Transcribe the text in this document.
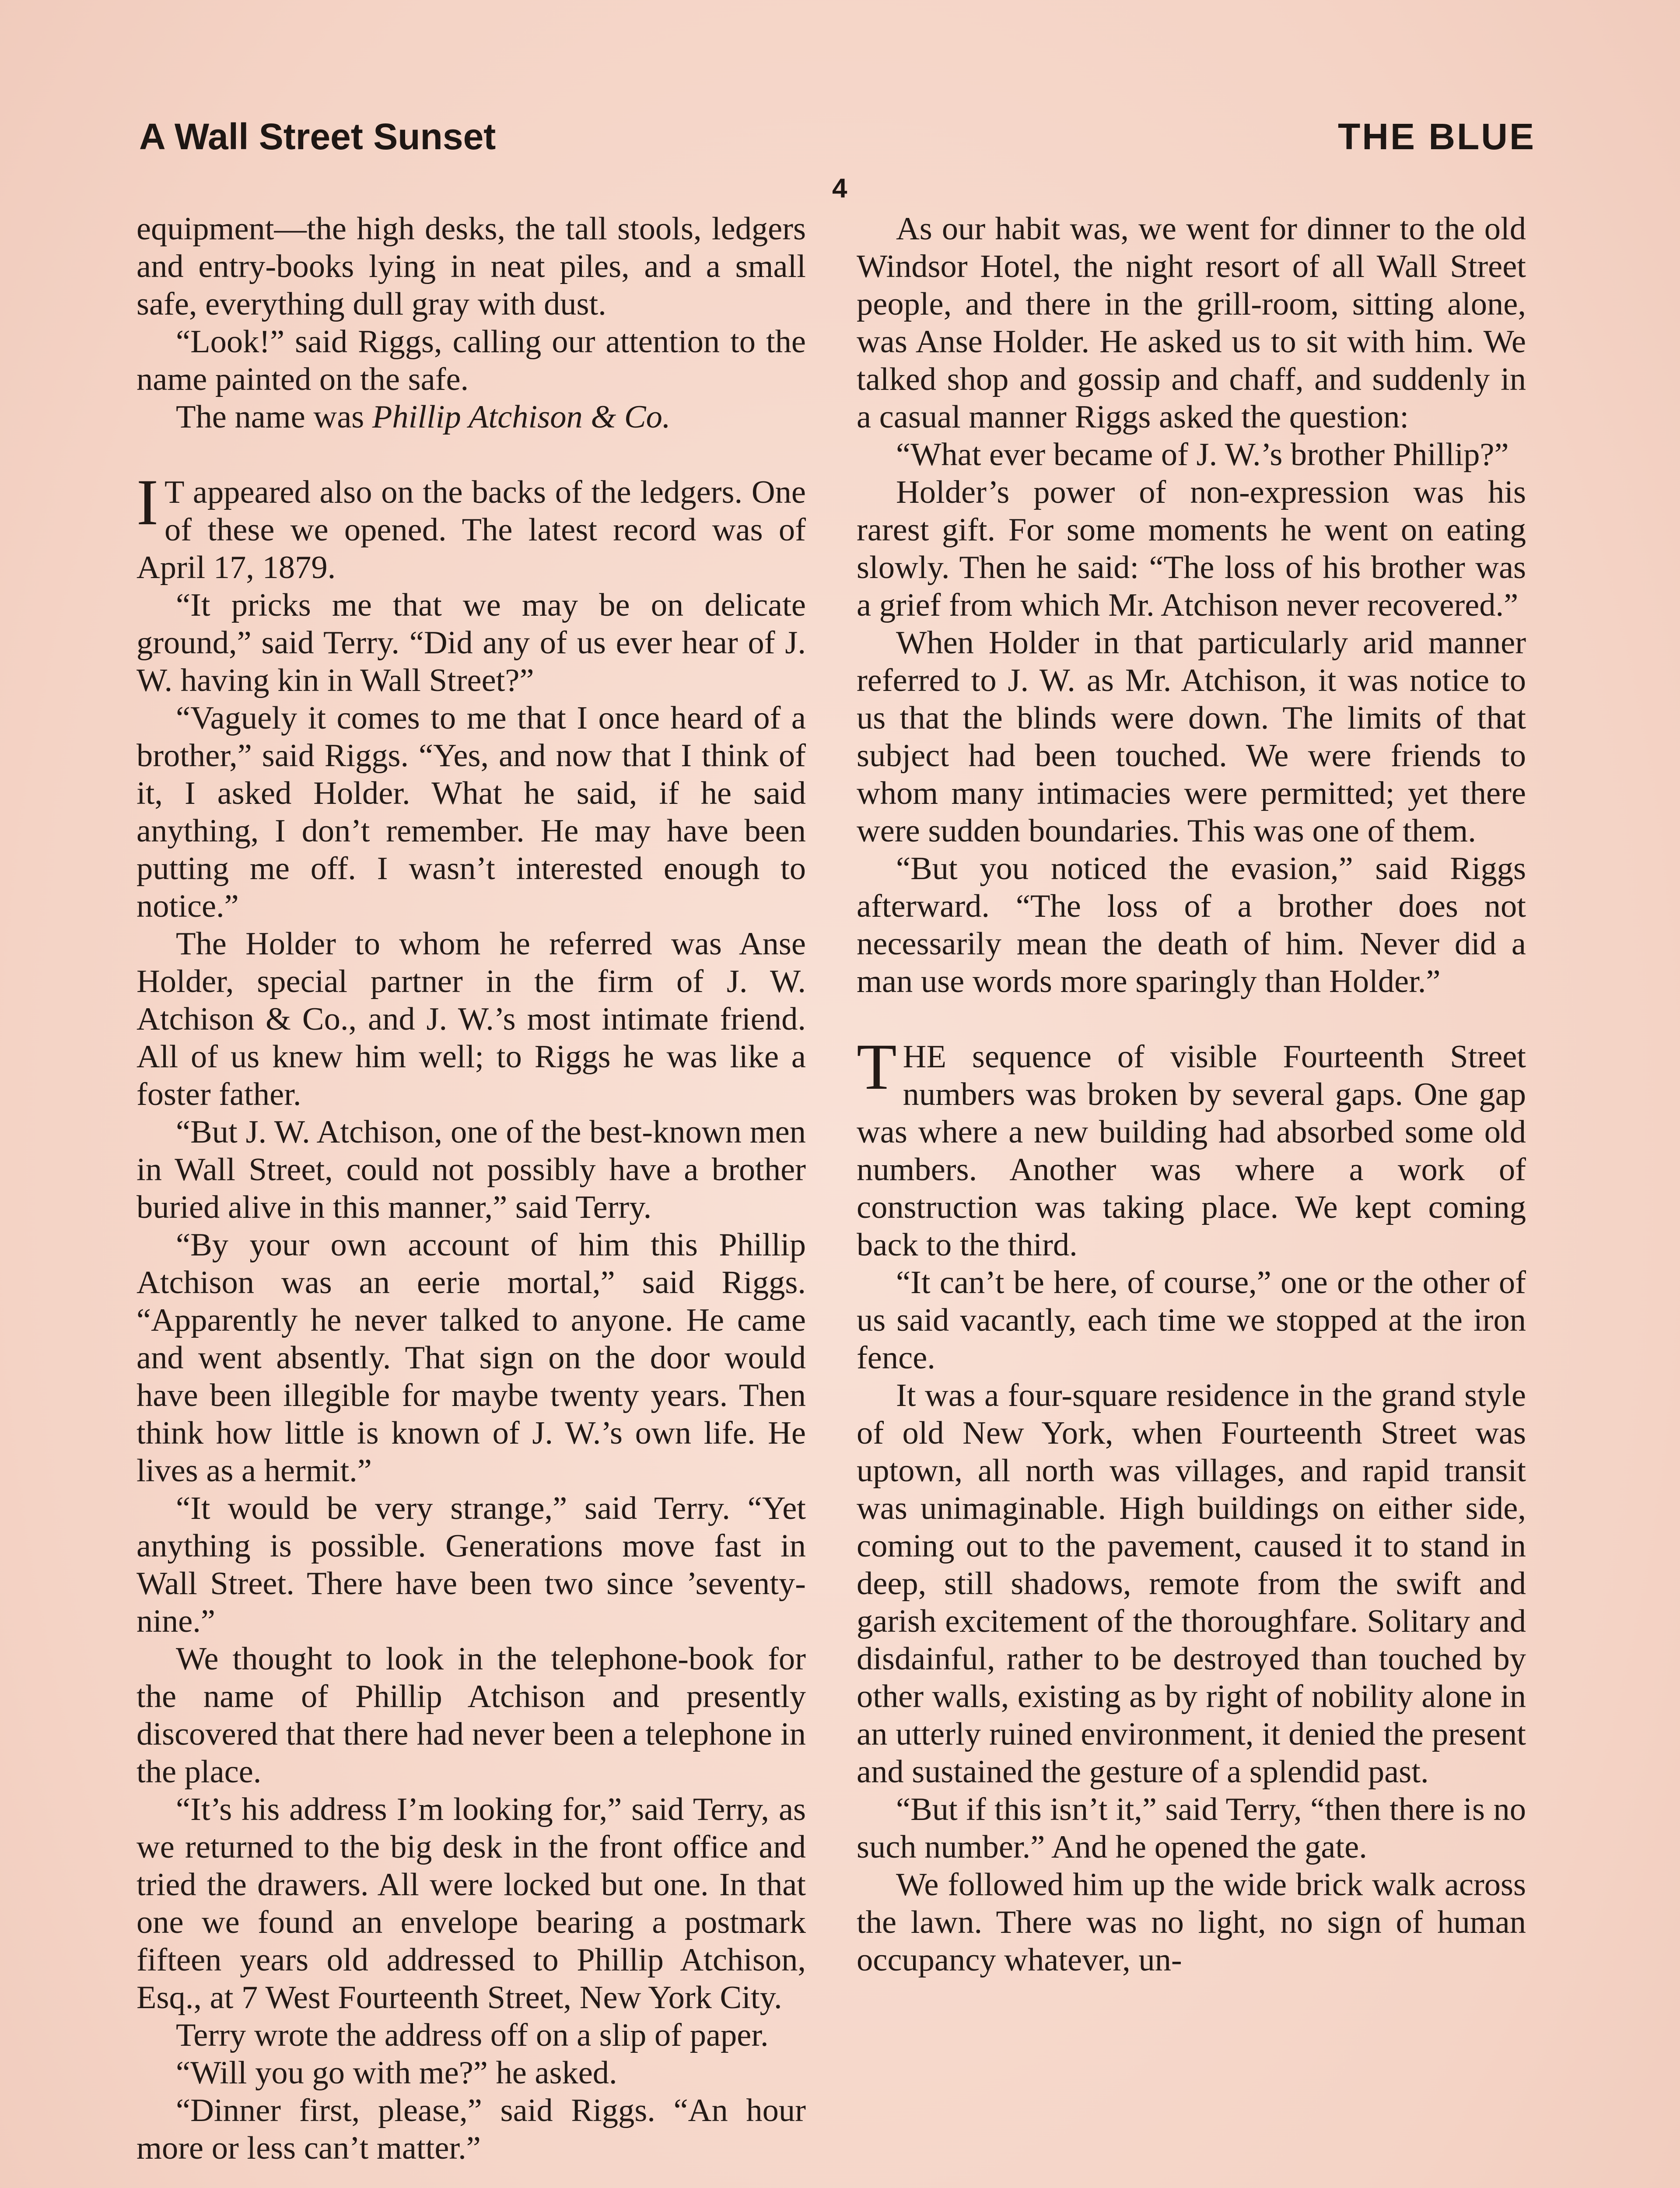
A Wall Street Sunset	THE BLUE
4

equipment—the high desks, the tall stools, ledgers and entry-books lying in neat piles, and a small safe, everything dull gray with dust.

“Look!” said Riggs, calling our attention to the name painted on the safe.

The name was Phillip Atchison & Co.

I T appeared also on the backs of the ledgers. One of these we opened. The latest record was of April 17, 1879.

“It pricks me that we may be on delicate ground,” said Terry. “Did any of us ever hear of J. W. having kin in Wall Street?”

“Vaguely it comes to me that I once heard of a brother,” said Riggs. “Yes, and now that I think of it, I asked Holder. What he said, if he said anything, I don’t remember. He may have been putting me off. I wasn’t interested enough to notice.”

The Holder to whom he referred was Anse Holder, special partner in the firm of J. W. Atchison & Co., and J. W.’s most intimate friend. All of us knew him well; to Riggs he was like a foster father.

“But J. W. Atchison, one of the best-known men in Wall Street, could not possibly have a brother buried alive in this manner,” said Terry.

“By your own account of him this Phillip Atchison was an eerie mortal,” said Riggs. “Apparently he never talked to anyone. He came and went absently. That sign on the door would have been illegible for maybe twenty years. Then think how little is known of J. W.’s own life. He lives as a hermit.”

“It would be very strange,” said Terry. “Yet anything is possible. Generations move fast in Wall Street. There have been two since ’seventy-nine.”

We thought to look in the telephone-book for the name of Phillip Atchison and presently discovered that there had never been a telephone in the place.

“It’s his address I’m looking for,” said Terry, as we returned to the big desk in the front office and tried the drawers. All were locked but one. In that one we found an envelope bearing a postmark fifteen years old addressed to Phillip Atchison, Esq., at 7 West Fourteenth Street, New York City.

Terry wrote the address off on a slip of paper.

“Will you go with me?” he asked.

“Dinner first, please,” said Riggs. “An hour more or less can’t matter.”

As our habit was, we went for dinner to the old Windsor Hotel, the night resort of all Wall Street people, and there in the grill-room, sitting alone, was Anse Holder. He asked us to sit with him. We talked shop and gossip and chaff, and suddenly in a casual manner Riggs asked the question:

“What ever became of J. W.’s brother Phillip?”

Holder’s power of non-expression was his rarest gift. For some moments he went on eating slowly. Then he said: “The loss of his brother was a grief from which Mr. Atchison never recovered.”

When Holder in that particularly arid manner referred to J. W. as Mr. Atchison, it was notice to us that the blinds were down. The limits of that subject had been touched. We were friends to whom many intimacies were permitted; yet there were sudden boundaries. This was one of them.

“But you noticed the evasion,” said Riggs afterward. “The loss of a brother does not necessarily mean the death of him. Never did a man use words more sparingly than Holder.”

THE sequence of visible Fourteenth Street numbers was broken by several gaps. One gap was where a new building had absorbed some old numbers. Another was where a work of construction was taking place. We kept coming back to the third.

“It can’t be here, of course,” one or the other of us said vacantly, each time we stopped at the iron fence.

It was a four-square residence in the grand style of old New York, when Fourteenth Street was uptown, all north was villages, and rapid transit was unimaginable. High buildings on either side, coming out to the pavement, caused it to stand in deep, still shadows, remote from the swift and garish excitement of the thoroughfare. Solitary and disdainful, rather to be destroyed than touched by other walls, existing as by right of nobility alone in an utterly ruined environment, it denied the present and sustained the gesture of a splendid past.

“But if this isn’t it,” said Terry, “then there is no such number.” And he opened the gate.

We followed him up the wide brick walk across the lawn. There was no light, no sign of human occupancy whatever, un-
